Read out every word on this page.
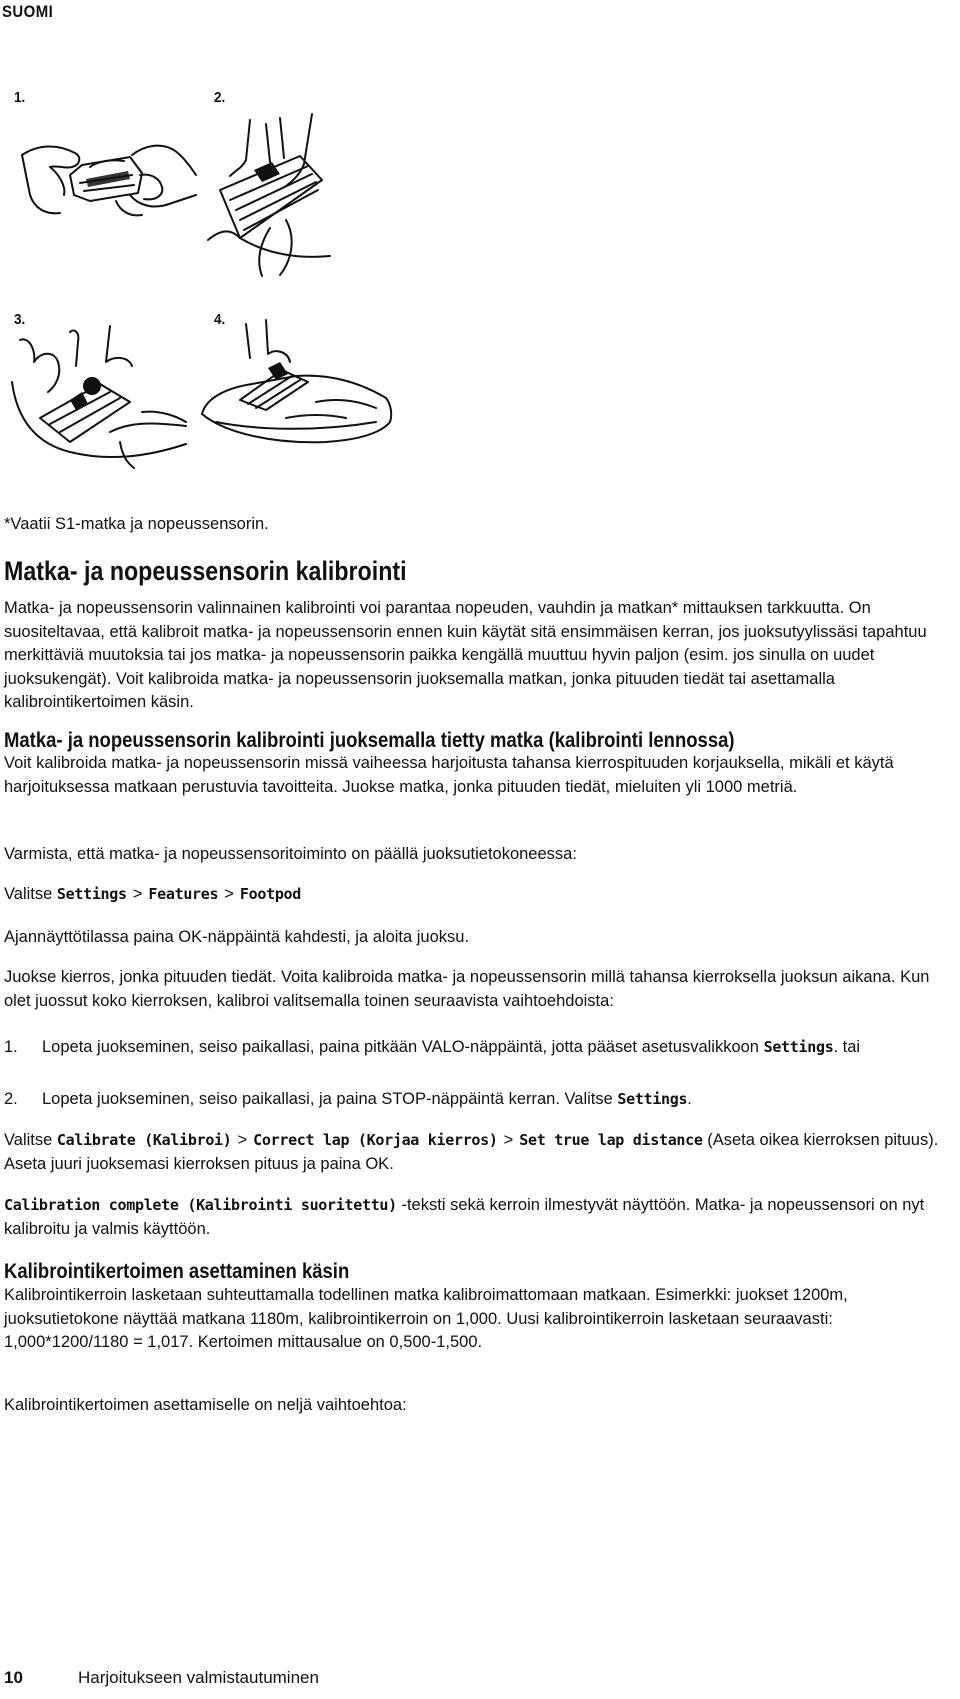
SUOMI
1.	2.
3.	4.
*Vaatii S1-matka ja nopeussensorin.
Matka- ja nopeussensorin kalibrointi
Matka- ja nopeussensorin valinnainen kalibrointi voi parantaa nopeuden, vauhdin ja matkan* mittauksen tarkkuutta. On suositeltavaa, että kalibroit matka- ja nopeussensorin ennen kuin käytät sitä ensimmäisen kerran, jos juoksutyylissäsi tapahtuu merkittäviä muutoksia tai jos matka- ja nopeussensorin paikka kengällä muuttuu hyvin paljon (esim. jos sinulla on uudet juoksukengät). Voit kalibroida matka- ja nopeussensorin juoksemalla matkan, jonka pituuden tiedät tai asettamalla kalibrointikertoimen käsin.
Matka- ja nopeussensorin kalibrointi juoksemalla tietty matka (kalibrointi lennossa)
Voit kalibroida matka- ja nopeussensorin missä vaiheessa harjoitusta tahansa kierrospituuden korjauksella, mikäli et käytä harjoituksessa matkaan perustuvia tavoitteita. Juokse matka, jonka pituuden tiedät, mieluiten yli 1000 metriä.
Varmista, että matka- ja nopeussensoritoiminto on päällä juoksutietokoneessa:
Valitse Settings > Features > Footpod
Ajannäyttötilassa paina OK-näppäintä kahdesti, ja aloita juoksu.
Juokse kierros, jonka pituuden tiedät. Voita kalibroida matka- ja nopeussensorin millä tahansa kierroksella juoksun aikana. Kun olet juossut koko kierroksen, kalibroi valitsemalla toinen seuraavista vaihtoehdoista:
1. Lopeta juokseminen, seiso paikallasi, paina pitkään VALO-näppäintä, jotta pääset asetusvalikkoon Settings. tai
2. Lopeta juokseminen, seiso paikallasi, ja paina STOP-näppäintä kerran. Valitse Settings.
Valitse Calibrate (Kalibroi) > Correct lap (Korjaa kierros) > Set true lap distance (Aseta oikea kierroksen pituus). Aseta juuri juoksemasi kierroksen pituus ja paina OK.
Calibration complete (Kalibrointi suoritettu) -teksti sekä kerroin ilmestyvät näyttöön. Matka- ja nopeussensori on nyt kalibroitu ja valmis käyttöön.
Kalibrointikertoimen asettaminen käsin
Kalibrointikerroin lasketaan suhteuttamalla todellinen matka kalibroimattomaan matkaan. Esimerkki: juokset 1200m, juoksutietokone näyttää matkana 1180m, kalibrointikerroin on 1,000. Uusi kalibrointikerroin lasketaan seuraavasti: 1,000*1200/1180 = 1,017. Kertoimen mittausalue on 0,500-1,500.
Kalibrointikertoimen asettamiselle on neljä vaihtoehtoa:
10	Harjoitukseen valmistautuminen
